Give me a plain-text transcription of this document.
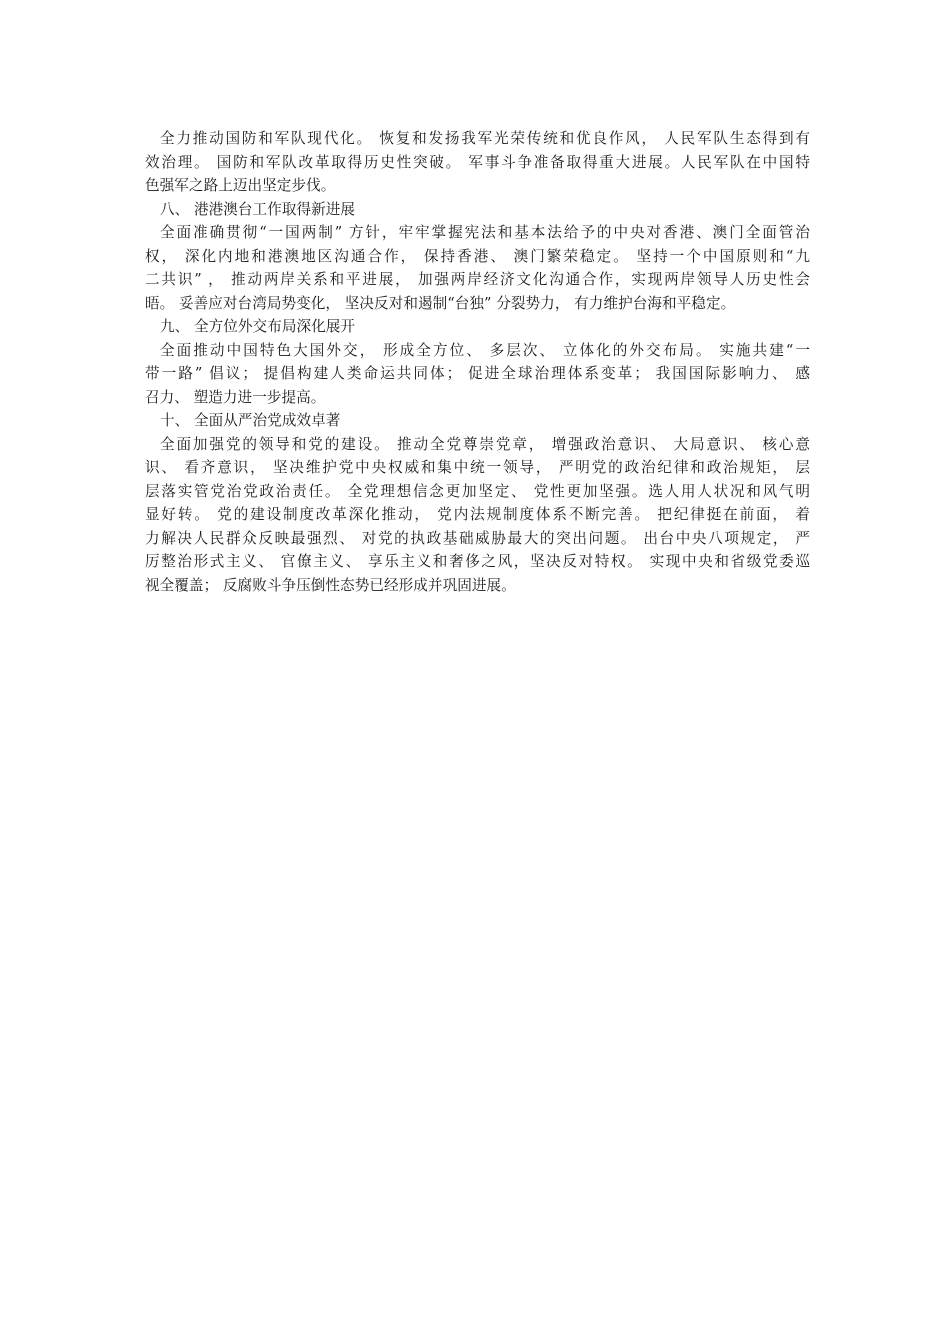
全力推动国防和军队现代化。 恢复和发扬我军光荣传统和优良作风， 人民军队生态得到有
效治理。 国防和军队改革取得历史性突破。 军事斗争准备取得重大进展。人民军队在中国特
色强军之路上迈出坚定步伐。
八、 港港澳台工作取得新进展
全面准确贯彻“一国两制” 方针，牢牢掌握宪法和基本法给予的中央对香港、澳门全面管治
权， 深化内地和港澳地区沟通合作， 保持香港、 澳门繁荣稳定。 坚持一个中国原则和“九
二共识” ， 推动两岸关系和平进展， 加强两岸经济文化沟通合作，实现两岸领导人历史性会
晤。 妥善应对台湾局势变化， 坚决反对和遏制“台独” 分裂势力， 有力维护台海和平稳定。
九、 全方位外交布局深化展开
全面推动中国特色大国外交， 形成全方位、 多层次、 立体化的外交布局。 实施共建“一
带一路” 倡议； 提倡构建人类命运共同体； 促进全球治理体系变革； 我国国际影响力、 感
召力、 塑造力进一步提高。
十、 全面从严治党成效卓著
全面加强党的领导和党的建设。 推动全党尊崇党章， 增强政治意识、 大局意识、 核心意
识、 看齐意识， 坚决维护党中央权威和集中统一领导， 严明党的政治纪律和政治规矩， 层
层落实管党治党政治责任。 全党理想信念更加坚定、 党性更加坚强。选人用人状况和风气明
显好转。 党的建设制度改革深化推动， 党内法规制度体系不断完善。 把纪律挺在前面， 着
力解决人民群众反映最强烈、 对党的执政基础威胁最大的突出问题。 出台中央八项规定， 严
厉整治形式主义、 官僚主义、 享乐主义和奢侈之风，坚决反对特权。 实现中央和省级党委巡
视全覆盖； 反腐败斗争压倒性态势已经形成并巩固进展。
